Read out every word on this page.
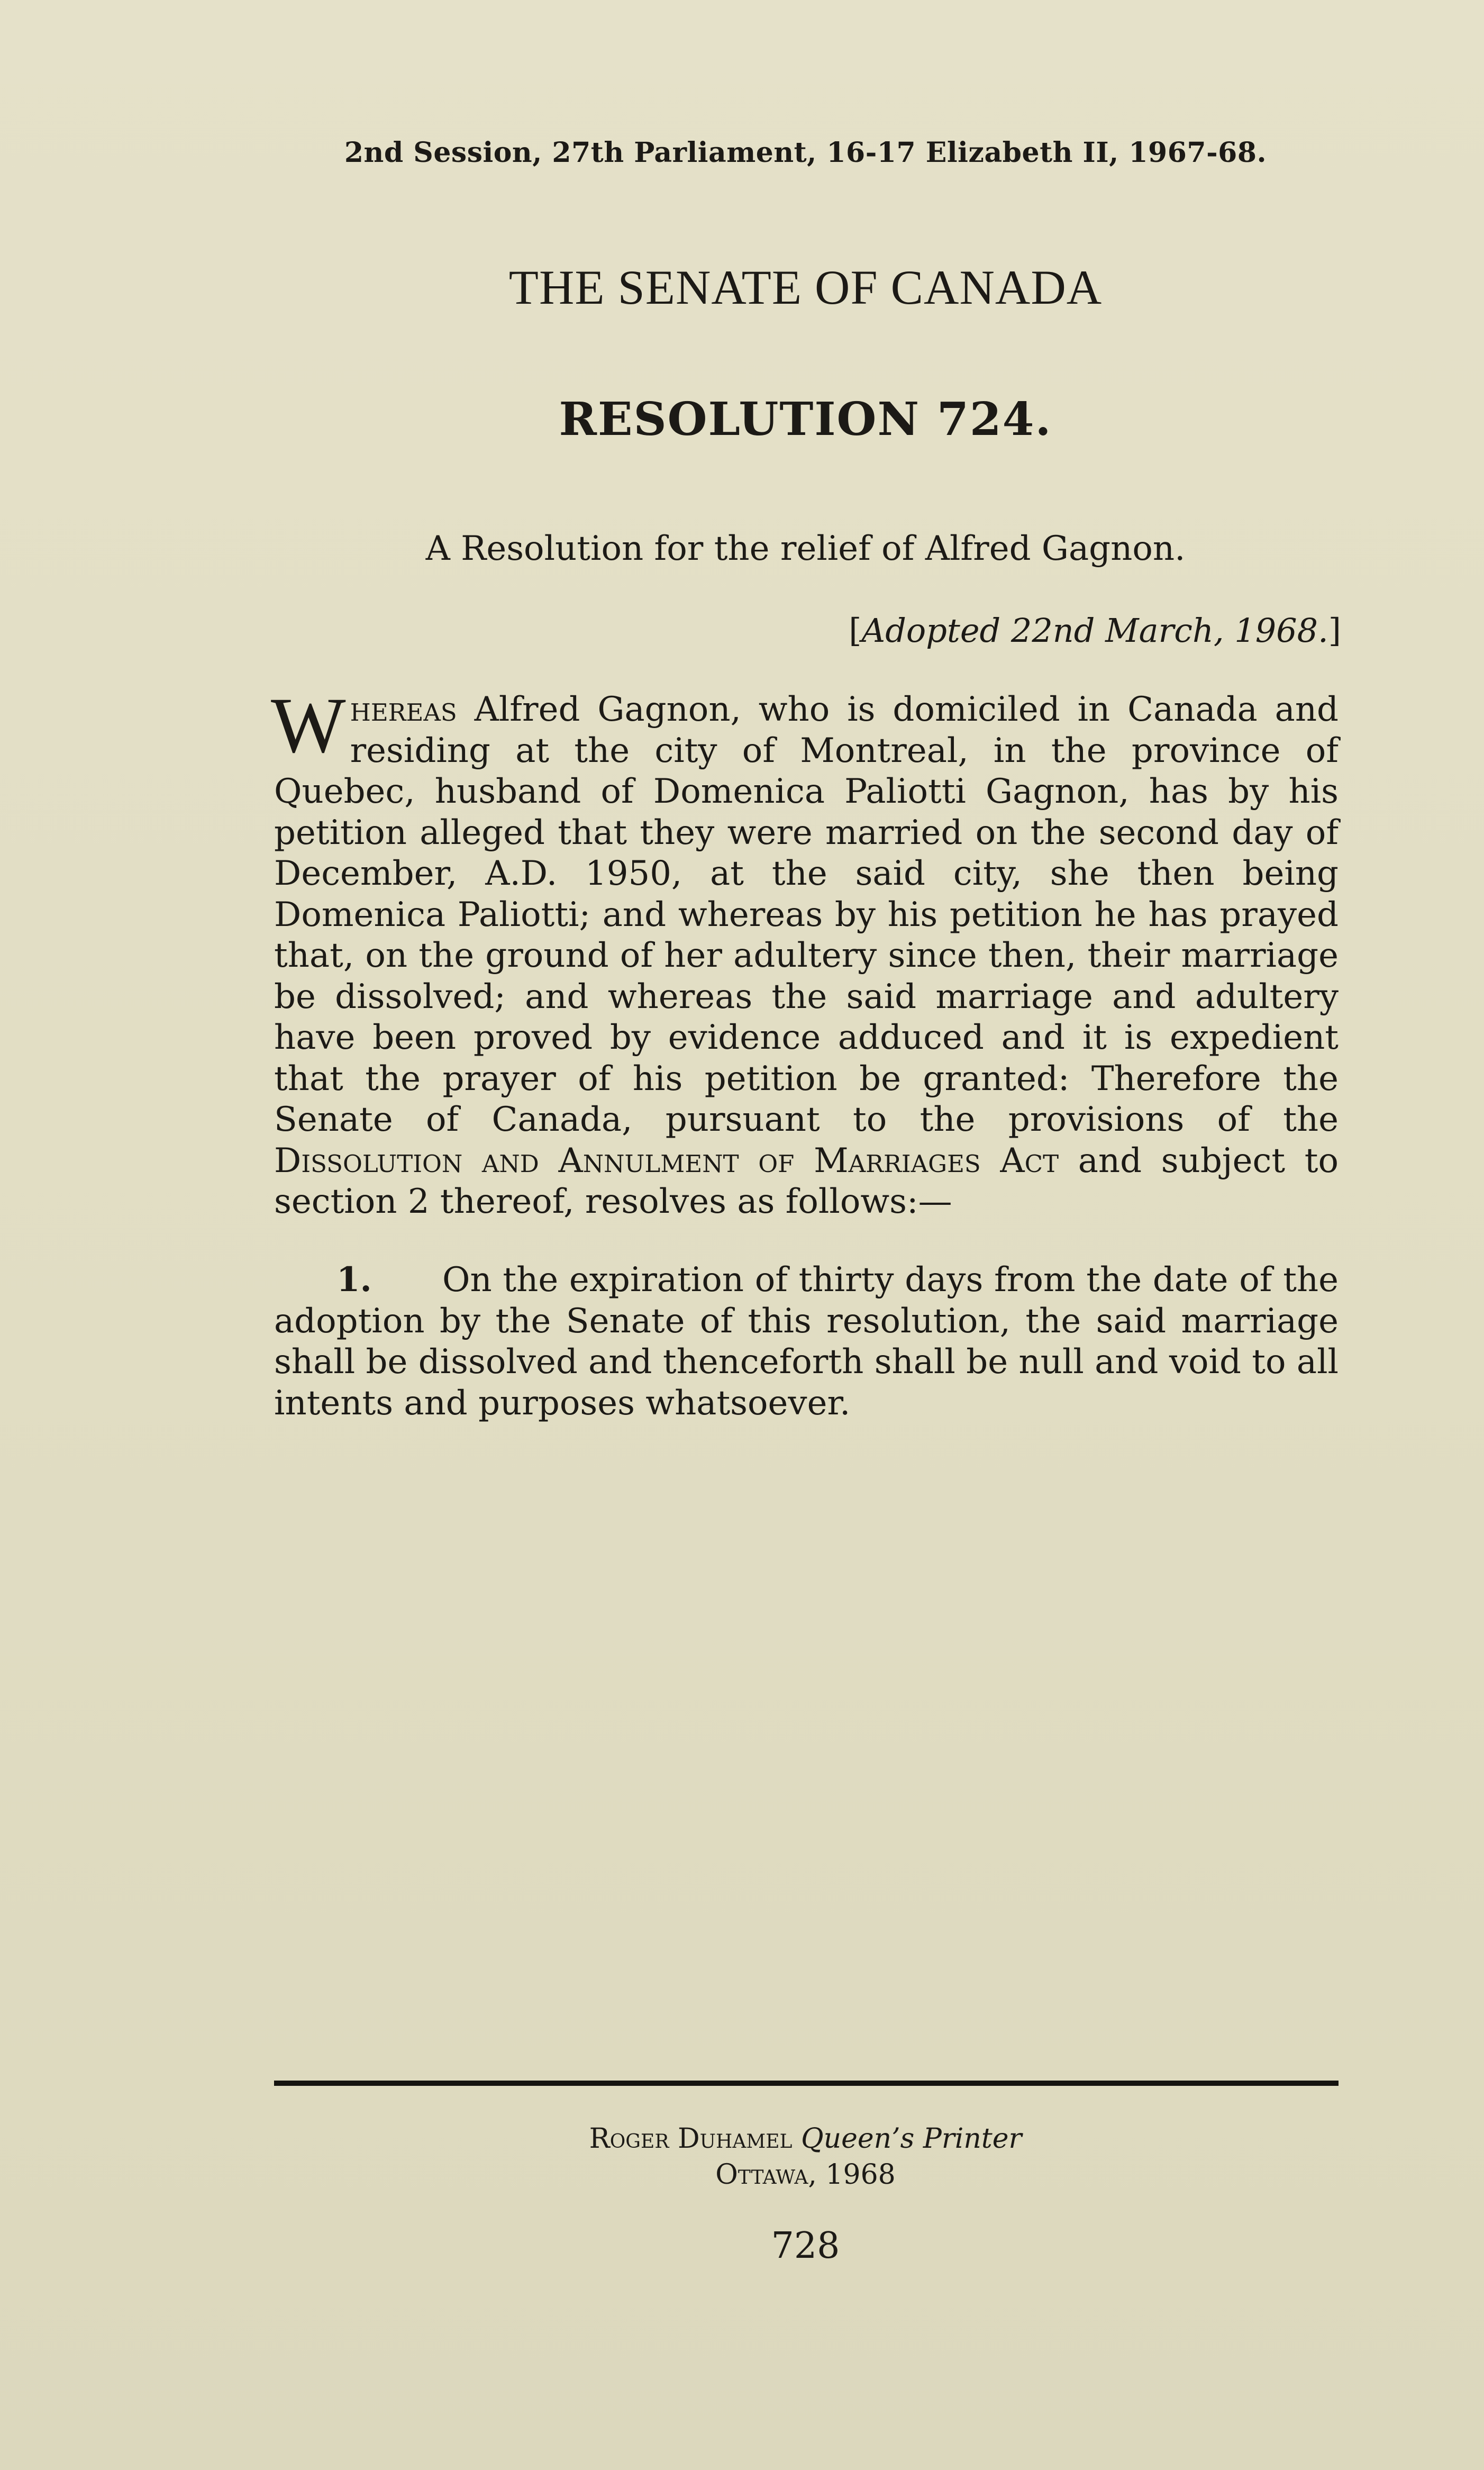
2nd Session, 27th Parliament, 16-17 Elizabeth II, 1967-68.
THE SENATE OF CANADA
RESOLUTION 724.
A Resolution for the relief of Alfred Gagnon.
[Adopted 22nd March, 1968.]
Whereas Alfred Gagnon, who is domiciled in Canada and residing at the city of Montreal, in the province of Quebec, husband of Domenica Paliotti Gagnon, has by his petition alleged that they were married on the second day of December, A.D. 1950, at the said city, she then being Domenica Paliotti; and whereas by his petition he has prayed that, on the ground of her adultery since then, their marriage be dissolved; and whereas the said marriage and adultery have been proved by evidence adduced and it is expedient that the prayer of his petition be granted: Therefore the Senate of Canada, pursuant to the provisions of the Dissolution and Annulment of Marriages Act and subject to section 2 thereof, resolves as follows:—
1. On the expiration of thirty days from the date of the adoption by the Senate of this resolution, the said marriage shall be dissolved and thenceforth shall be null and void to all intents and purposes whatsoever.
Roger Duhamel Queen’s Printer
Ottawa, 1968
728
